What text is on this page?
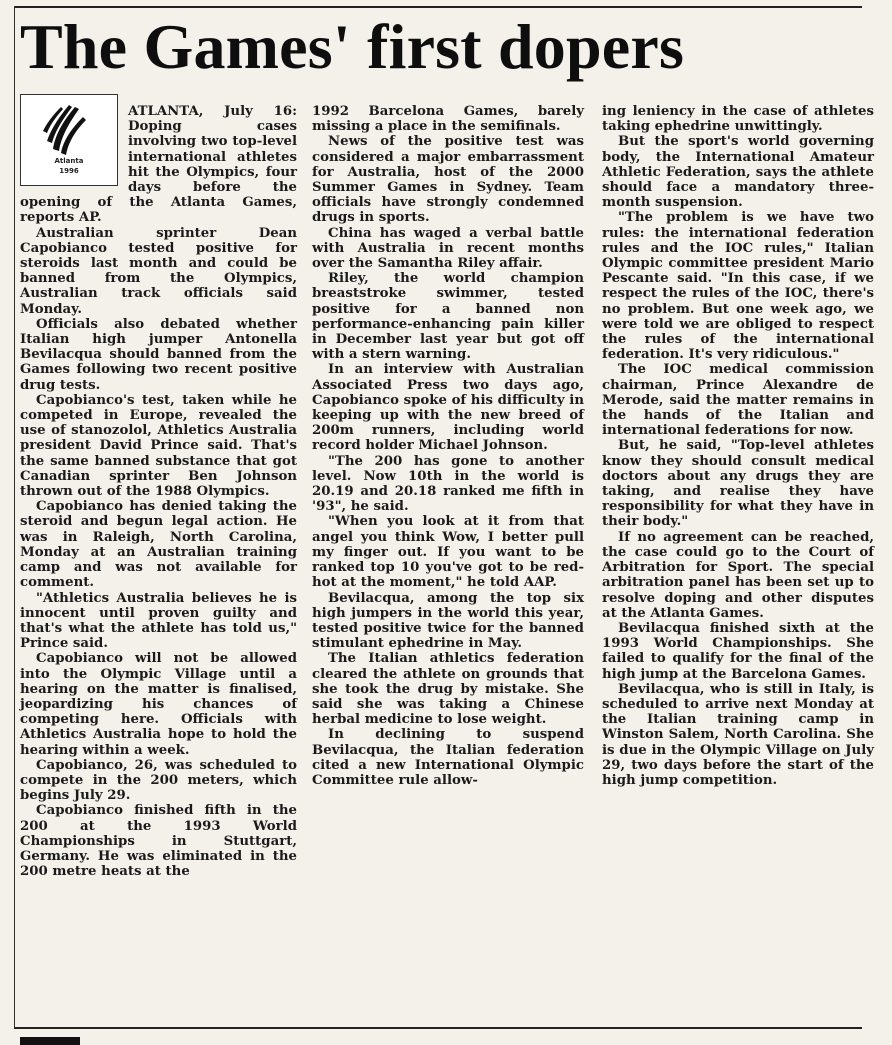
The Games' first dopers
Atlanta
1996

ATLANTA, July 16: Doping cases involving two top-level international athletes hit the Olympics, four days before the opening of the Atlanta Games, reports AP.

Australian sprinter Dean Capobianco tested positive for steroids last month and could be banned from the Olympics, Australian track officials said Monday.

Officials also debated whether Italian high jumper Antonella Bevilacqua should banned from the Games following two recent positive drug tests.

Capobianco's test, taken while he competed in Europe, revealed the use of stanozolol, Athletics Australia president David Prince said. That's the same banned substance that got Canadian sprinter Ben Johnson thrown out of the 1988 Olympics.

Capobianco has denied taking the steroid and begun legal action. He was in Raleigh, North Carolina, Monday at an Australian training camp and was not available for comment.

"Athletics Australia believes he is innocent until proven guilty and that's what the athlete has told us," Prince said.

Capobianco will not be allowed into the Olympic Village until a hearing on the matter is finalised, jeopardizing his chances of competing here. Officials with Athletics Australia hope to hold the hearing within a week.

Capobianco, 26, was scheduled to compete in the 200 meters, which begins July 29.

Capobianco finished fifth in the 200 at the 1993 World Championships in Stuttgart, Germany. He was eliminated in the 200 metre heats at the

1992 Barcelona Games, barely missing a place in the semifinals.

News of the positive test was considered a major embarrassment for Australia, host of the 2000 Summer Games in Sydney. Team officials have strongly condemned drugs in sports.

China has waged a verbal battle with Australia in recent months over the Samantha Riley affair.

Riley, the world champion breaststroke swimmer, tested positive for a banned non performance-enhancing pain killer in December last year but got off with a stern warning.

In an interview with Australian Associated Press two days ago, Capobianco spoke of his difficulty in keeping up with the new breed of 200m runners, including world record holder Michael Johnson.

"The 200 has gone to another level. Now 10th in the world is 20.19 and 20.18 ranked me fifth in '93", he said.

"When you look at it from that angel you think Wow, I better pull my finger out. If you want to be ranked top 10 you've got to be red-hot at the moment," he told AAP.

Bevilacqua, among the top six high jumpers in the world this year, tested positive twice for the banned stimulant ephedrine in May.

The Italian athletics federation cleared the athlete on grounds that she took the drug by mistake. She said she was taking a Chinese herbal medicine to lose weight.

In declining to suspend Bevilacqua, the Italian federation cited a new International Olympic Committee rule allow-

ing leniency in the case of athletes taking ephedrine unwittingly.

But the sport's world governing body, the International Amateur Athletic Federation, says the athlete should face a mandatory three-month suspension.

"The problem is we have two rules: the international federation rules and the IOC rules," Italian Olympic committee president Mario Pescante said. "In this case, if we respect the rules of the IOC, there's no problem. But one week ago, we were told we are obliged to respect the rules of the international federation. It's very ridiculous."

The IOC medical commission chairman, Prince Alexandre de Merode, said the matter remains in the hands of the Italian and international federations for now.

But, he said, "Top-level athletes know they should consult medical doctors about any drugs they are taking, and realise they have responsibility for what they have in their body."

If no agreement can be reached, the case could go to the Court of Arbitration for Sport. The special arbitration panel has been set up to resolve doping and other disputes at the Atlanta Games.

Bevilacqua finished sixth at the 1993 World Championships. She failed to qualify for the final of the high jump at the Barcelona Games.

Bevilacqua, who is still in Italy, is scheduled to arrive next Monday at the Italian training camp in Winston Salem, North Carolina. She is due in the Olympic Village on July 29, two days before the start of the high jump competition.
